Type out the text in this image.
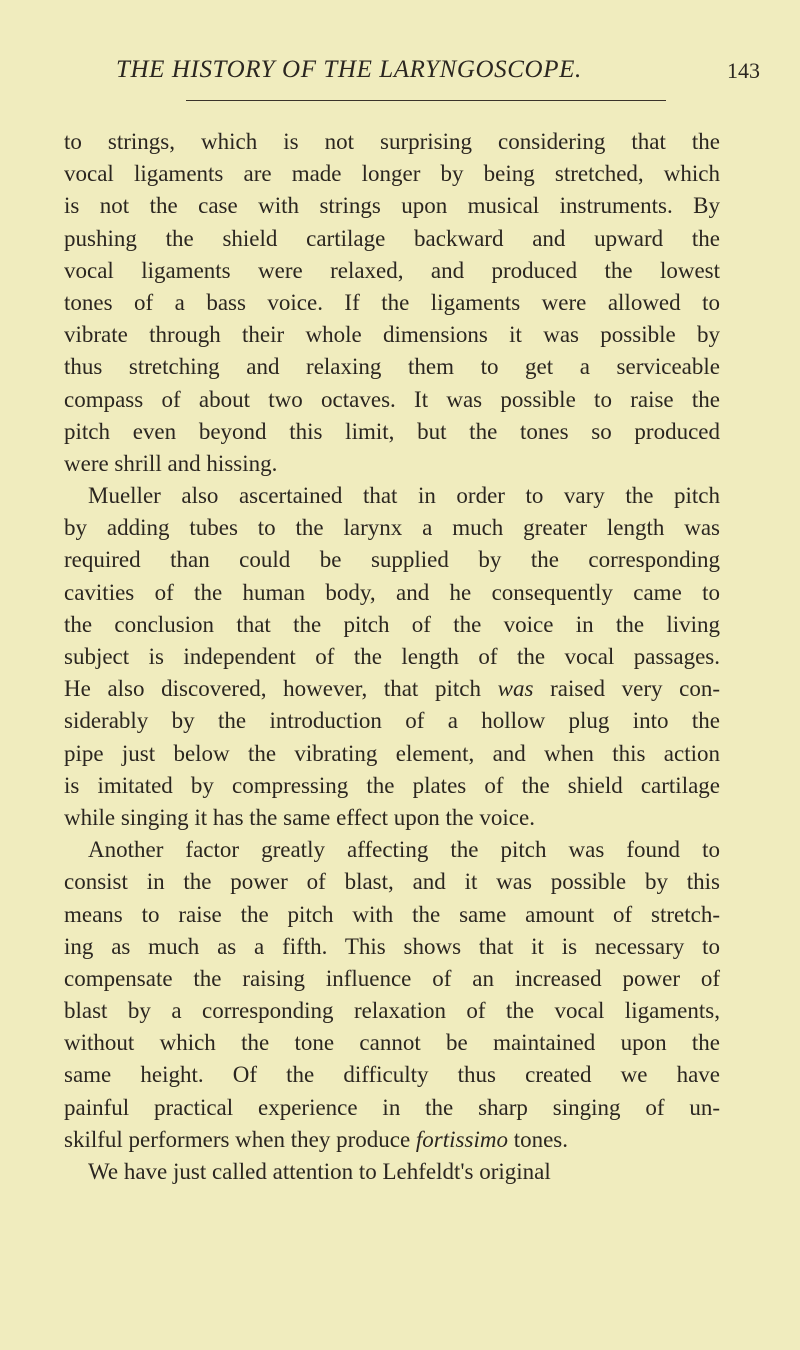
THE HISTORY OF THE LARYNGOSCOPE.	143
to strings, which is not surprising considering that the
vocal ligaments are made longer by being stretched, which
is not the case with strings upon musical instruments. By
pushing the shield cartilage backward and upward the
vocal ligaments were relaxed, and produced the lowest
tones of a bass voice. If the ligaments were allowed to
vibrate through their whole dimensions it was possible by
thus stretching and relaxing them to get a serviceable
compass of about two octaves. It was possible to raise the
pitch even beyond this limit, but the tones so produced
were shrill and hissing.
Mueller also ascertained that in order to vary the pitch
by adding tubes to the larynx a much greater length was
required than could be supplied by the corresponding
cavities of the human body, and he consequently came to
the conclusion that the pitch of the voice in the living
subject is independent of the length of the vocal passages.
He also discovered, however, that pitch was raised very con-
siderably by the introduction of a hollow plug into the
pipe just below the vibrating element, and when this action
is imitated by compressing the plates of the shield cartilage
while singing it has the same effect upon the voice.
Another factor greatly affecting the pitch was found to
consist in the power of blast, and it was possible by this
means to raise the pitch with the same amount of stretch-
ing as much as a fifth. This shows that it is necessary to
compensate the raising influence of an increased power of
blast by a corresponding relaxation of the vocal ligaments,
without which the tone cannot be maintained upon the
same height. Of the difficulty thus created we have
painful practical experience in the sharp singing of un-
skilful performers when they produce fortissimo tones.
We have just called attention to Lehfeldt's original
